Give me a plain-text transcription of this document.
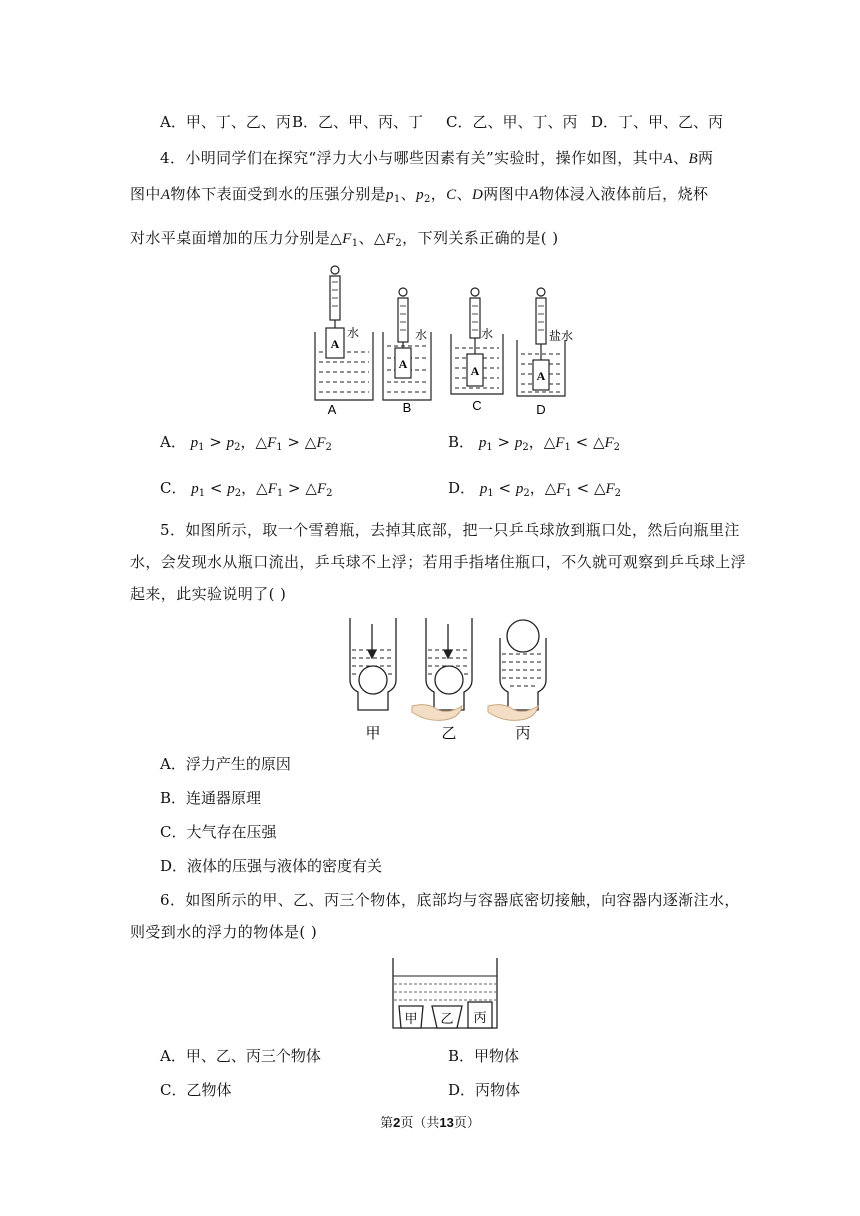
A．甲、丁、乙、丙 B．乙、甲、丙、丁 C．乙、甲、丁、丙 D．丁、甲、乙、丙
4．小明同学们在探究“浮力大小与哪些因素有关”实验时，操作如图，其中A、B两
图中A物体下表面受到水的压强分别是$p_1$、$p_2$，C、D两图中A物体浸入液体前后，烧杯
对水平桌面增加的压力分别是$\triangle F_1$、$\triangle F_2$，下列关系正确的是( )
A
A	A	A
水	水	水	盐水
A	B	C	D
A． $p_1 > p_2$，$\triangle F_1$ > $\triangle F_2$	B． $p_1 > p_2$，$\triangle F_1$ < $\triangle F_2$
C． $p_1 < p_2$，$\triangle F_1$ > $\triangle F_2$	D． $p_1 < p_2$，$\triangle F_1$ < $\triangle F_2$
5．如图所示，取一个雪碧瓶，去掉其底部，把一只乒乓球放到瓶口处，然后向瓶里注
水，会发现水从瓶口流出，乒乓球不上浮；若用手指堵住瓶口，不久就可观察到乒乓球上浮
起来，此实验说明了( )
甲	乙	丙
A．浮力产生的原因
B．连通器原理
C．大气存在压强
D．液体的压强与液体的密度有关
6．如图所示的甲、乙、丙三个物体，底部均与容器底密切接触，向容器内逐渐注水，
则受到水的浮力的物体是( )
甲 乙 丙
A．甲、乙、丙三个物体	B．甲物体
C．乙物体	D．丙物体
第2页（共13页）
